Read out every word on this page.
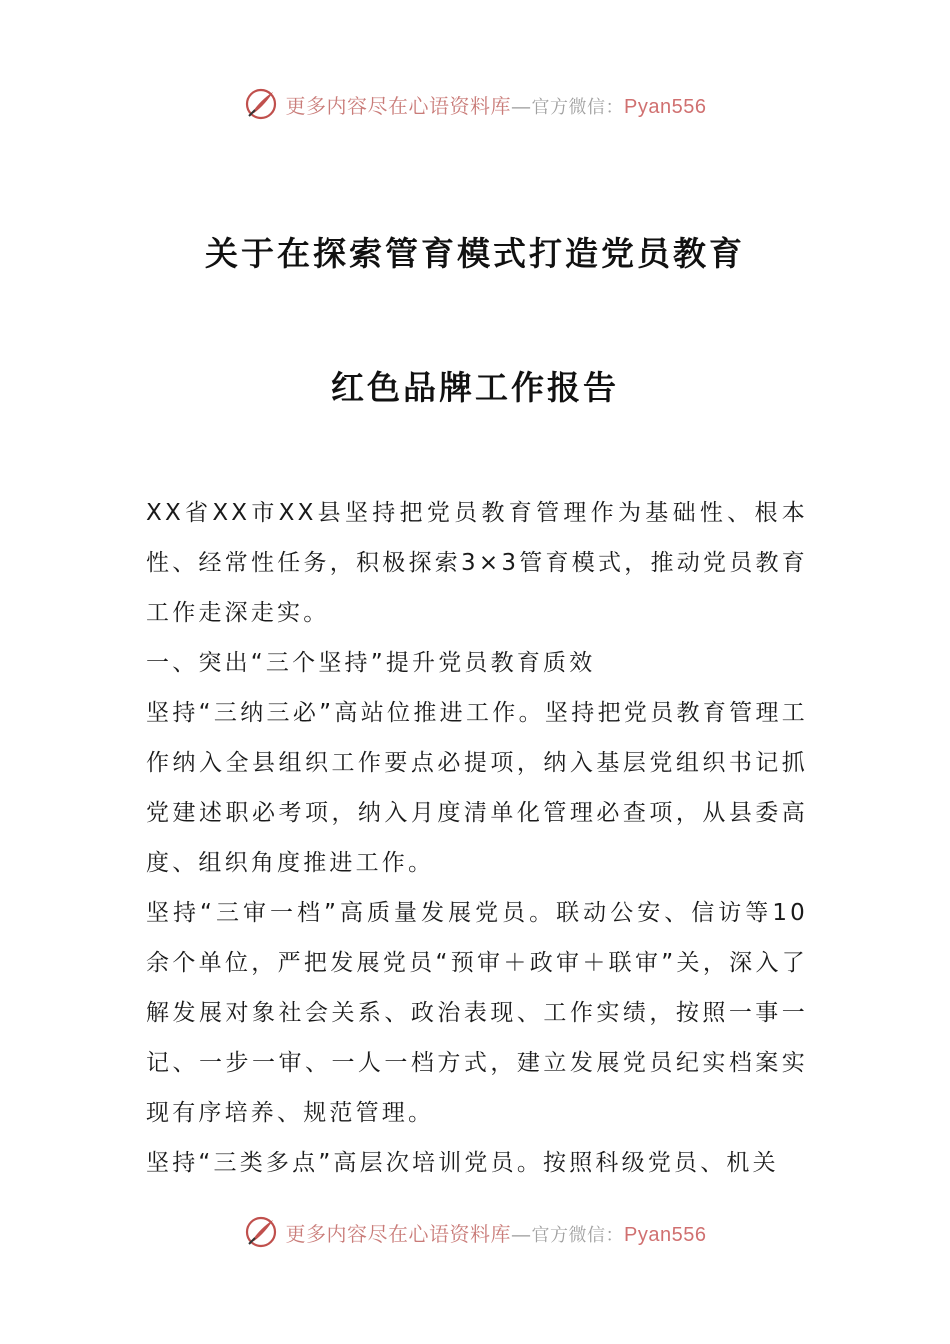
更多内容尽在心语资料库—官方微信：Pyan556
关于在探索管育模式打造党员教育
红色品牌工作报告

XX省XX市XX县坚持把党员教育管理作为基础性、根本性、经常性任务，积极探索3×3管育模式，推动党员教育工作走深走实。

一、突出“三个坚持”提升党员教育质效

坚持“三纳三必”高站位推进工作。坚持把党员教育管理工作纳入全县组织工作要点必提项，纳入基层党组织书记抓党建述职必考项，纳入月度清单化管理必查项，从县委高度、组织角度推进工作。

坚持“三审一档”高质量发展党员。联动公安、信访等10余个单位，严把发展党员“预审＋政审＋联审”关，深入了解发展对象社会关系、政治表现、工作实绩，按照一事一记、一步一审、一人一档方式，建立发展党员纪实档案实现有序培养、规范管理。

坚持“三类多点”高层次培训党员。按照科级党员、机关

更多内容尽在心语资料库—官方微信：Pyan556
